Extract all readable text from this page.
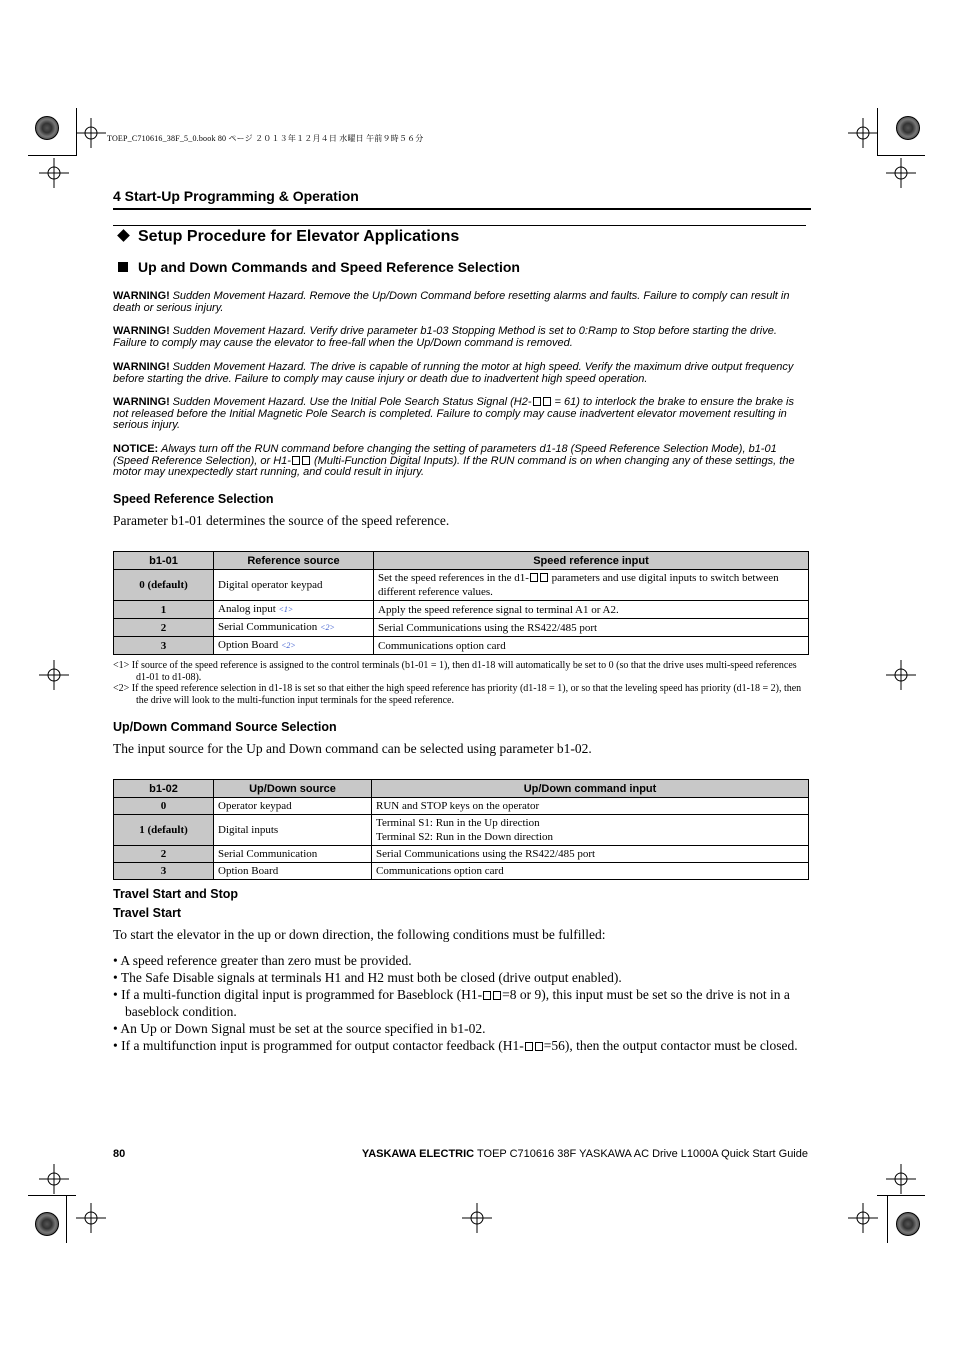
TOEP_C710616_38F_5_0.book 80 ページ ２０１３年１２月４日 水曜日 午前９時５６分
4 Start-Up Programming & Operation
Setup Procedure for Elevator Applications
Up and Down Commands and Speed Reference Selection
WARNING! Sudden Movement Hazard. Remove the Up/Down Command before resetting alarms and faults. Failure to comply can result in death or serious injury.
WARNING! Sudden Movement Hazard. Verify drive parameter b1-03 Stopping Method is set to 0:Ramp to Stop before starting the drive. Failure to comply may cause the elevator to free-fall when the Up/Down command is removed.
WARNING! Sudden Movement Hazard. The drive is capable of running the motor at high speed. Verify the maximum drive output frequency before starting the drive. Failure to comply may cause injury or death due to inadvertent high speed operation.
WARNING! Sudden Movement Hazard. Use the Initial Pole Search Status Signal (H2- = 61) to interlock the brake to ensure the brake is not released before the Initial Magnetic Pole Search is completed. Failure to comply may cause inadvertent elevator movement resulting in serious injury.
NOTICE: Always turn off the RUN command before changing the setting of parameters d1-18 (Speed Reference Selection Mode), b1-01 (Speed Reference Selection), or H1- (Multi-Function Digital Inputs). If the RUN command is on when changing any of these settings, the motor may unexpectedly start running, and could result in injury.
Speed Reference Selection
Parameter b1-01 determines the source of the speed reference.
b1-01	Reference source	Speed reference input
0 (default)	Digital operator keypad	Set the speed references in the d1- parameters and use digital inputs to switch between different reference values.
1	Analog input <1>	Apply the speed reference signal to terminal A1 or A2.
2	Serial Communication <2>	Serial Communications using the RS422/485 port
3	Option Board <2>	Communications option card
<1> If source of the speed reference is assigned to the control terminals (b1-01 = 1), then d1-18 will automatically be set to 0 (so that the drive uses multi-speed references d1-01 to d1-08).
<2> If the speed reference selection in d1-18 is set so that either the high speed reference has priority (d1-18 = 1), or so that the leveling speed has priority (d1-18 = 2), then the drive will look to the multi-function input terminals for the speed reference.
Up/Down Command Source Selection
The input source for the Up and Down command can be selected using parameter b1-02.
b1-02	Up/Down source	Up/Down command input
0	Operator keypad	RUN and STOP keys on the operator
1 (default)	Digital inputs	Terminal S1: Run in the Up direction
Terminal S2: Run in the Down direction

2	Serial Communication	Serial Communications using the RS422/485 port
3	Option Board	Communications option card
Travel Start and Stop
Travel Start
To start the elevator in the up or down direction, the following conditions must be fulfilled:
• A speed reference greater than zero must be provided.
• The Safe Disable signals at terminals H1 and H2 must both be closed (drive output enabled).
• If a multi-function digital input is programmed for Baseblock (H1- =8 or 9), this input must be set so the drive is not in a baseblock condition.
• An Up or Down Signal must be set at the source specified in b1-02.
• If a multifunction input is programmed for output contactor feedback (H1- =56), then the output contactor must be closed.
80	YASKAWA ELECTRIC TOEP C710616 38F YASKAWA AC Drive L1000A Quick Start Guide
